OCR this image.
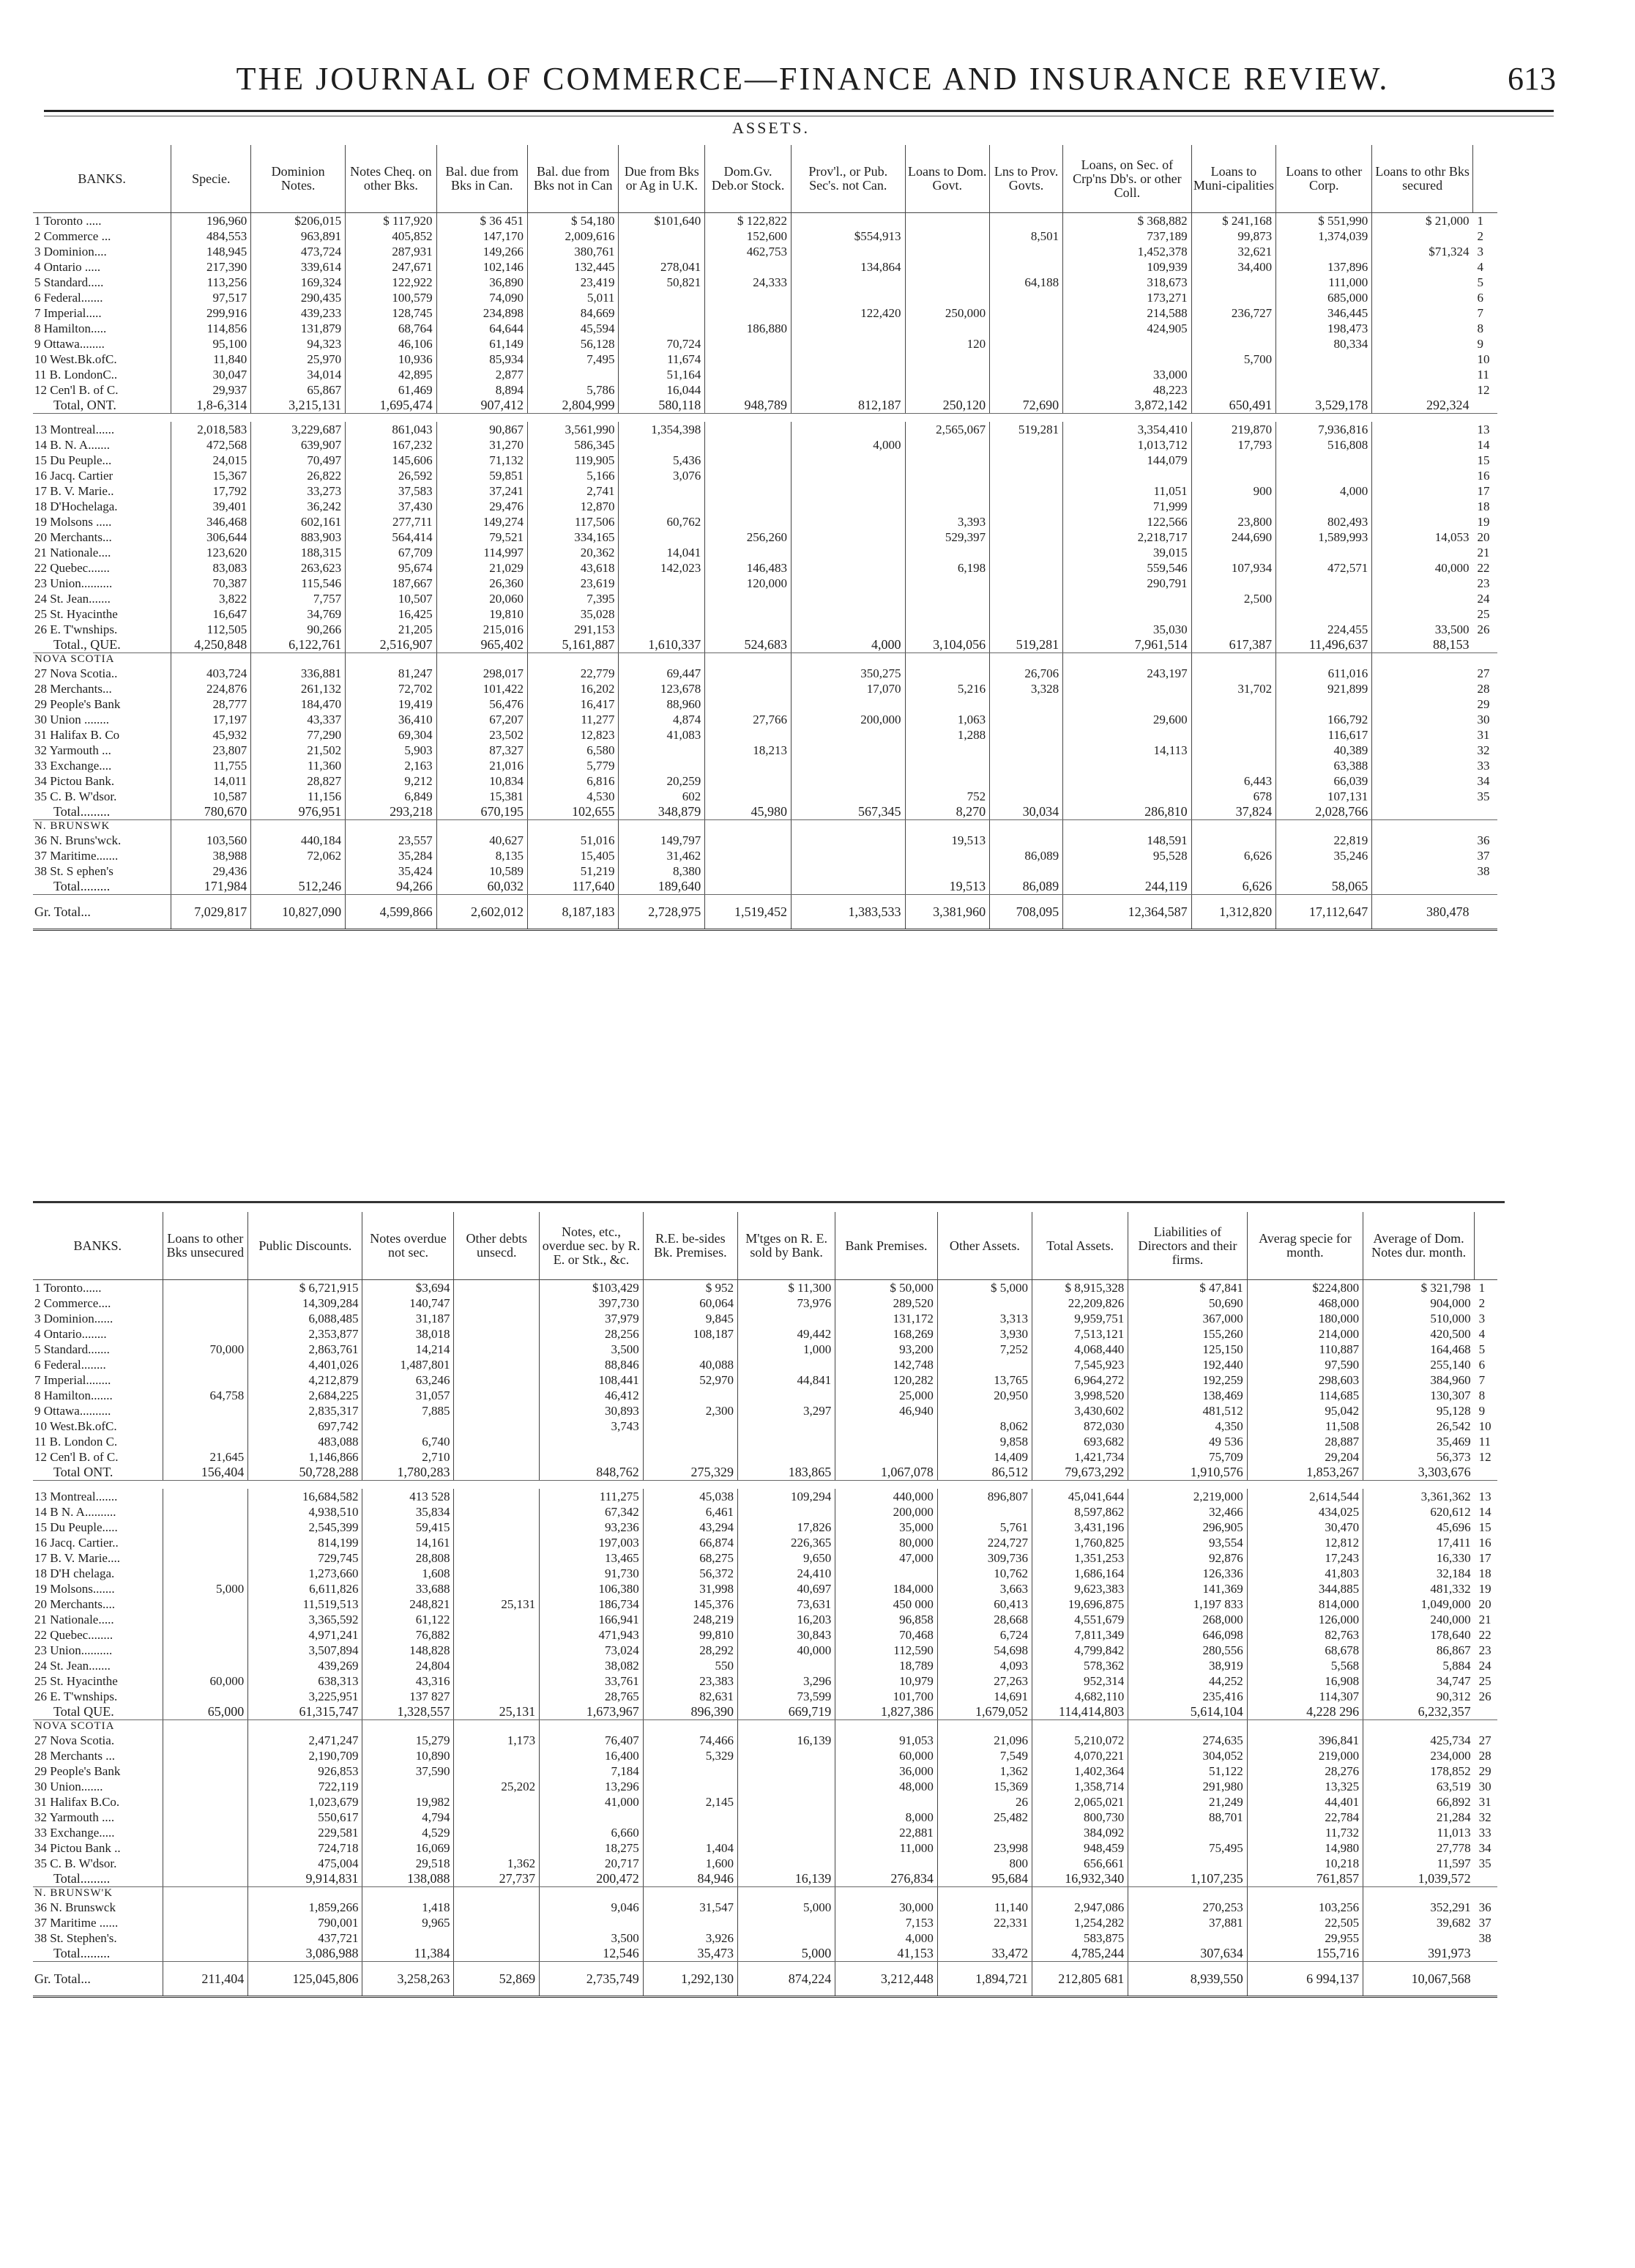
THE JOURNAL OF COMMERCE—FINANCE AND INSURANCE REVIEW.	613
ASSETS.
BANKS.	Specie.	Dominion Notes.	Notes Cheq. on other Bks.	Bal. due from Bks in Can.	Bal. due from Bks not in Can	Due from Bks or Ag in U.K.	Dom.Gv. Deb.or Stock.	Prov'l., or Pub. Sec's. not Can.	Loans to Dom. Govt.	Lns to Prov. Govts.	Loans, on Sec. of Crp'ns Db's. or other Coll.	Loans to Muni-cipalities	Loans to other Corp.	Loans to othr Bks secured	
1 Toronto .....	196,960	$206,015	$ 117,920	$ 36 451	$ 54,180	$101,640	$ 122,822				$ 368,882	$ 241,168	$ 551,990	$ 21,000	1
2 Commerce ...	484,553	963,891	405,852	147,170	2,009,616		152,600	$554,913		8,501	737,189	99,873	1,374,039		2
3 Dominion....	148,945	473,724	287,931	149,266	380,761		462,753				1,452,378	32,621		$71,324	3
4 Ontario .....	217,390	339,614	247,671	102,146	132,445	278,041		134,864			109,939	34,400	137,896		4
5 Standard.....	113,256	169,324	122,922	36,890	23,419	50,821	24,333			64,188	318,673		111,000		5
6 Federal.......	97,517	290,435	100,579	74,090	5,011						173,271		685,000		6
7 Imperial.....	299,916	439,233	128,745	234,898	84,669			122,420	250,000		214,588	236,727	346,445		7
8 Hamilton.....	114,856	131,879	68,764	64,644	45,594		186,880				424,905		198,473		8
9 Ottawa........	95,100	94,323	46,106	61,149	56,128	70,724			120				80,334		9
10 West.Bk.ofC.	11,840	25,970	10,936	85,934	7,495	11,674						5,700			10
11 B. LondonC..	30,047	34,014	42,895	2,877		51,164					33,000				11
12 Cen'l B. of C.	29,937	65,867	61,469	8,894	5,786	16,044					48,223				12
Total, ONT.	1,8-6,314	3,215,131	1,695,474	907,412	2,804,999	580,118	948,789	812,187	250,120	72,690	3,872,142	650,491	3,529,178	292,324	

13 Montreal......	2,018,583	3,229,687	861,043	90,867	3,561,990	1,354,398			2,565,067	519,281	3,354,410	219,870	7,936,816		13
14 B. N. A.......	472,568	639,907	167,232	31,270	586,345			4,000			1,013,712	17,793	516,808		14
15 Du Peuple...	24,015	70,497	145,606	71,132	119,905	5,436					144,079				15
16 Jacq. Cartier	15,367	26,822	26,592	59,851	5,166	3,076									16
17 B. V. Marie..	17,792	33,273	37,583	37,241	2,741						11,051	900	4,000		17
18 D'Hochelaga.	39,401	36,242	37,430	29,476	12,870						71,999				18
19 Molsons .....	346,468	602,161	277,711	149,274	117,506	60,762			3,393		122,566	23,800	802,493		19
20 Merchants...	306,644	883,903	564,414	79,521	334,165		256,260		529,397		2,218,717	244,690	1,589,993	14,053	20
21 Nationale....	123,620	188,315	67,709	114,997	20,362	14,041					39,015				21
22 Quebec.......	83,083	263,623	95,674	21,029	43,618	142,023	146,483		6,198		559,546	107,934	472,571	40,000	22
23 Union..........	70,387	115,546	187,667	26,360	23,619		120,000				290,791				23
24 St. Jean.......	3,822	7,757	10,507	20,060	7,395							2,500			24
25 St. Hyacinthe	16,647	34,769	16,425	19,810	35,028										25
26 E. T'wnships.	112,505	90,266	21,205	215,016	291,153						35,030		224,455	33,500	26
Total., QUE.	4,250,848	6,122,761	2,516,907	965,402	5,161,887	1,610,337	524,683	4,000	3,104,056	519,281	7,961,514	617,387	11,496,637	88,153	
NOVA SCOTIA															
27 Nova Scotia..	403,724	336,881	81,247	298,017	22,779	69,447		350,275		26,706	243,197		611,016		27
28 Merchants...	224,876	261,132	72,702	101,422	16,202	123,678		17,070	5,216	3,328		31,702	921,899		28
29 People's Bank	28,777	184,470	19,419	56,476	16,417	88,960									29
30 Union ........	17,197	43,337	36,410	67,207	11,277	4,874	27,766	200,000	1,063		29,600		166,792		30
31 Halifax B. Co	45,932	77,290	69,304	23,502	12,823	41,083			1,288				116,617		31
32 Yarmouth ...	23,807	21,502	5,903	87,327	6,580		18,213				14,113		40,389		32
33 Exchange....	11,755	11,360	2,163	21,016	5,779								63,388		33
34 Pictou Bank.	14,011	28,827	9,212	10,834	6,816	20,259						6,443	66,039		34
35 C. B. W'dsor.	10,587	11,156	6,849	15,381	4,530	602			752			678	107,131		35
Total.........	780,670	976,951	293,218	670,195	102,655	348,879	45,980	567,345	8,270	30,034	286,810	37,824	2,028,766		
N. BRUNSWK															
36 N. Bruns'wck.	103,560	440,184	23,557	40,627	51,016	149,797			19,513		148,591		22,819		36
37 Maritime.......	38,988	72,062	35,284	8,135	15,405	31,462				86,089	95,528	6,626	35,246		37
38 St. S ephen's	29,436		35,424	10,589	51,219	8,380									38
Total.........	171,984	512,246	94,266	60,032	117,640	189,640			19,513	86,089	244,119	6,626	58,065		
Gr. Total...	7,029,817	10,827,090	4,599,866	2,602,012	8,187,183	2,728,975	1,519,452	1,383,533	3,381,960	708,095	12,364,587	1,312,820	17,112,647	380,478	
BANKS.	Loans to other Bks unsecured	Public Discounts.	Notes overdue not sec.	Other debts unsecd.	Notes, etc., overdue sec. by R. E. or Stk., &c.	R.E. be-sides Bk. Premises.	M'tges on R. E. sold by Bank.	Bank Premises.	Other Assets.	Total Assets.	Liabilities of Directors and their firms.	Averag specie for month.	Average of Dom. Notes dur. month.	
1 Toronto......		$ 6,721,915	$3,694		$103,429	$ 952	$ 11,300	$ 50,000	$ 5,000	$ 8,915,328	$ 47,841	$224,800	$ 321,798	1
2 Commerce....		14,309,284	140,747		397,730	60,064	73,976	289,520		22,209,826	50,690	468,000	904,000	2
3 Dominion......		6,088,485	31,187		37,979	9,845		131,172	3,313	9,959,751	367,000	180,000	510,000	3
4 Ontario........		2,353,877	38,018		28,256	108,187	49,442	168,269	3,930	7,513,121	155,260	214,000	420,500	4
5 Standard.......	70,000	2,863,761	14,214		3,500		1,000	93,200	7,252	4,068,440	125,150	110,887	164,468	5
6 Federal........		4,401,026	1,487,801		88,846	40,088		142,748		7,545,923	192,440	97,590	255,140	6
7 Imperial........		4,212,879	63,246		108,441	52,970	44,841	120,282	13,765	6,964,272	192,259	298,603	384,960	7
8 Hamilton.......	64,758	2,684,225	31,057		46,412			25,000	20,950	3,998,520	138,469	114,685	130,307	8
9 Ottawa..........		2,835,317	7,885		30,893	2,300	3,297	46,940		3,430,602	481,512	95,042	95,128	9
10 West.Bk.ofC.		697,742			3,743				8,062	872,030	4,350	11,508	26,542	10
11 B. London C.		483,088	6,740						9,858	693,682	49 536	28,887	35,469	11
12 Cen'l B. of C.	21,645	1,146,866	2,710						14,409	1,421,734	75,709	29,204	56,373	12
Total ONT.	156,404	50,728,288	1,780,283		848,762	275,329	183,865	1,067,078	86,512	79,673,292	1,910,576	1,853,267	3,303,676	

13 Montreal.......		16,684,582	413 528		111,275	45,038	109,294	440,000	896,807	45,041,644	2,219,000	2,614,544	3,361,362	13
14 B N. A..........		4,938,510	35,834		67,342	6,461		200,000		8,597,862	32,466	434,025	620,612	14
15 Du Peuple.....		2,545,399	59,415		93,236	43,294	17,826	35,000	5,761	3,431,196	296,905	30,470	45,696	15
16 Jacq. Cartier..		814,199	14,161		197,003	66,874	226,365	80,000	224,727	1,760,825	93,554	12,812	17,411	16
17 B. V. Marie....		729,745	28,808		13,465	68,275	9,650	47,000	309,736	1,351,253	92,876	17,243	16,330	17
18 D'H chelaga.		1,273,660	1,608		91,730	56,372	24,410		10,762	1,686,164	126,336	41,803	32,184	18
19 Molsons.......	5,000	6,611,826	33,688		106,380	31,998	40,697	184,000	3,663	9,623,383	141,369	344,885	481,332	19
20 Merchants....		11,519,513	248,821	25,131	186,734	145,376	73,631	450 000	60,413	19,696,875	1,197 833	814,000	1,049,000	20
21 Nationale.....		3,365,592	61,122		166,941	248,219	16,203	96,858	28,668	4,551,679	268,000	126,000	240,000	21
22 Quebec........		4,971,241	76,882		471,943	99,810	30,843	70,468	6,724	7,811,349	646,098	82,763	178,640	22
23 Union..........		3,507,894	148,828		73,024	28,292	40,000	112,590	54,698	4,799,842	280,556	68,678	86,867	23
24 St. Jean.......		439,269	24,804		38,082	550		18,789	4,093	578,362	38,919	5,568	5,884	24
25 St. Hyacinthe	60,000	638,313	43,316		33,761	23,383	3,296	10,979	27,263	952,314	44,252	16,908	34,747	25
26 E. T'wnships.		3,225,951	137 827		28,765	82,631	73,599	101,700	14,691	4,682,110	235,416	114,307	90,312	26
Total QUE.	65,000	61,315,747	1,328,557	25,131	1,673,967	896,390	669,719	1,827,386	1,679,052	114,414,803	5,614,104	4,228 296	6,232,357	
NOVA SCOTIA														
27 Nova Scotia.		2,471,247	15,279	1,173	76,407	74,466	16,139	91,053	21,096	5,210,072	274,635	396,841	425,734	27
28 Merchants ...		2,190,709	10,890		16,400	5,329		60,000	7,549	4,070,221	304,052	219,000	234,000	28
29 People's Bank		926,853	37,590		7,184			36,000	1,362	1,402,364	51,122	28,276	178,852	29
30 Union.......		722,119		25,202	13,296			48,000	15,369	1,358,714	291,980	13,325	63,519	30
31 Halifax B.Co.		1,023,679	19,982		41,000	2,145			26	2,065,021	21,249	44,401	66,892	31
32 Yarmouth ....		550,617	4,794					8,000	25,482	800,730	88,701	22,784	21,284	32
33 Exchange.....		229,581	4,529		6,660			22,881		384,092		11,732	11,013	33
34 Pictou Bank ..		724,718	16,069		18,275	1,404		11,000	23,998	948,459	75,495	14,980	27,778	34
35 C. B. W'dsor.		475,004	29,518	1,362	20,717	1,600			800	656,661		10,218	11,597	35
Total.........		9,914,831	138,088	27,737	200,472	84,946	16,139	276,834	95,684	16,932,340	1,107,235	761,857	1,039,572	
N. BRUNSW'K														
36 N. Brunswck		1,859,266	1,418		9,046	31,547	5,000	30,000	11,140	2,947,086	270,253	103,256	352,291	36
37 Maritime ......		790,001	9,965					7,153	22,331	1,254,282	37,881	22,505	39,682	37
38 St. Stephen's.		437,721			3,500	3,926		4,000		583,875		29,955		38
Total.........		3,086,988	11,384		12,546	35,473	5,000	41,153	33,472	4,785,244	307,634	155,716	391,973	
Gr. Total...	211,404	125,045,806	3,258,263	52,869	2,735,749	1,292,130	874,224	3,212,448	1,894,721	212,805 681	8,939,550	6 994,137	10,067,568	
